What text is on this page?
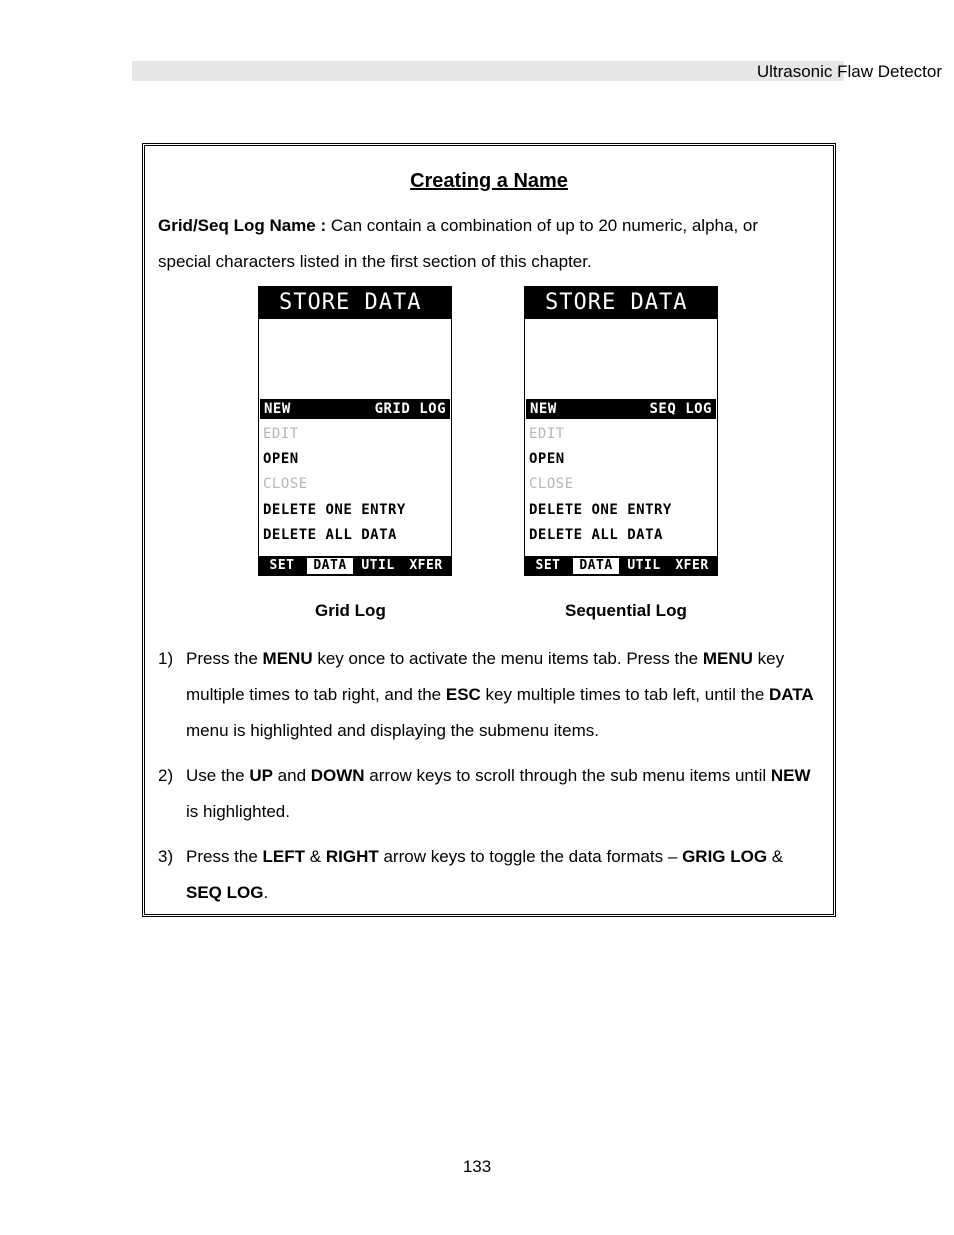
Ultrasonic Flaw Detector
Creating a Name
Grid/Seq Log Name : Can contain a combination of up to 20 numeric, alpha, or special characters listed in the first section of this chapter.
STORE DATA
NEW	GRID LOG
EDIT
OPEN
CLOSE
DELETE ONE ENTRY
DELETE ALL DATA
SET	DATA	UTIL	XFER
STORE DATA
NEW	SEQ LOG
EDIT
OPEN
CLOSE
DELETE ONE ENTRY
DELETE ALL DATA
SET	DATA	UTIL	XFER
Grid Log	Sequential Log
1) Press the MENU key once to activate the menu items tab. Press the MENU key multiple times to tab right, and the ESC key multiple times to tab left, until the DATA menu is highlighted and displaying the submenu items.
2) Use the UP and DOWN arrow keys to scroll through the sub menu items until NEW is highlighted.
3) Press the LEFT & RIGHT arrow keys to toggle the data formats – GRIG LOG & SEQ LOG.
133
